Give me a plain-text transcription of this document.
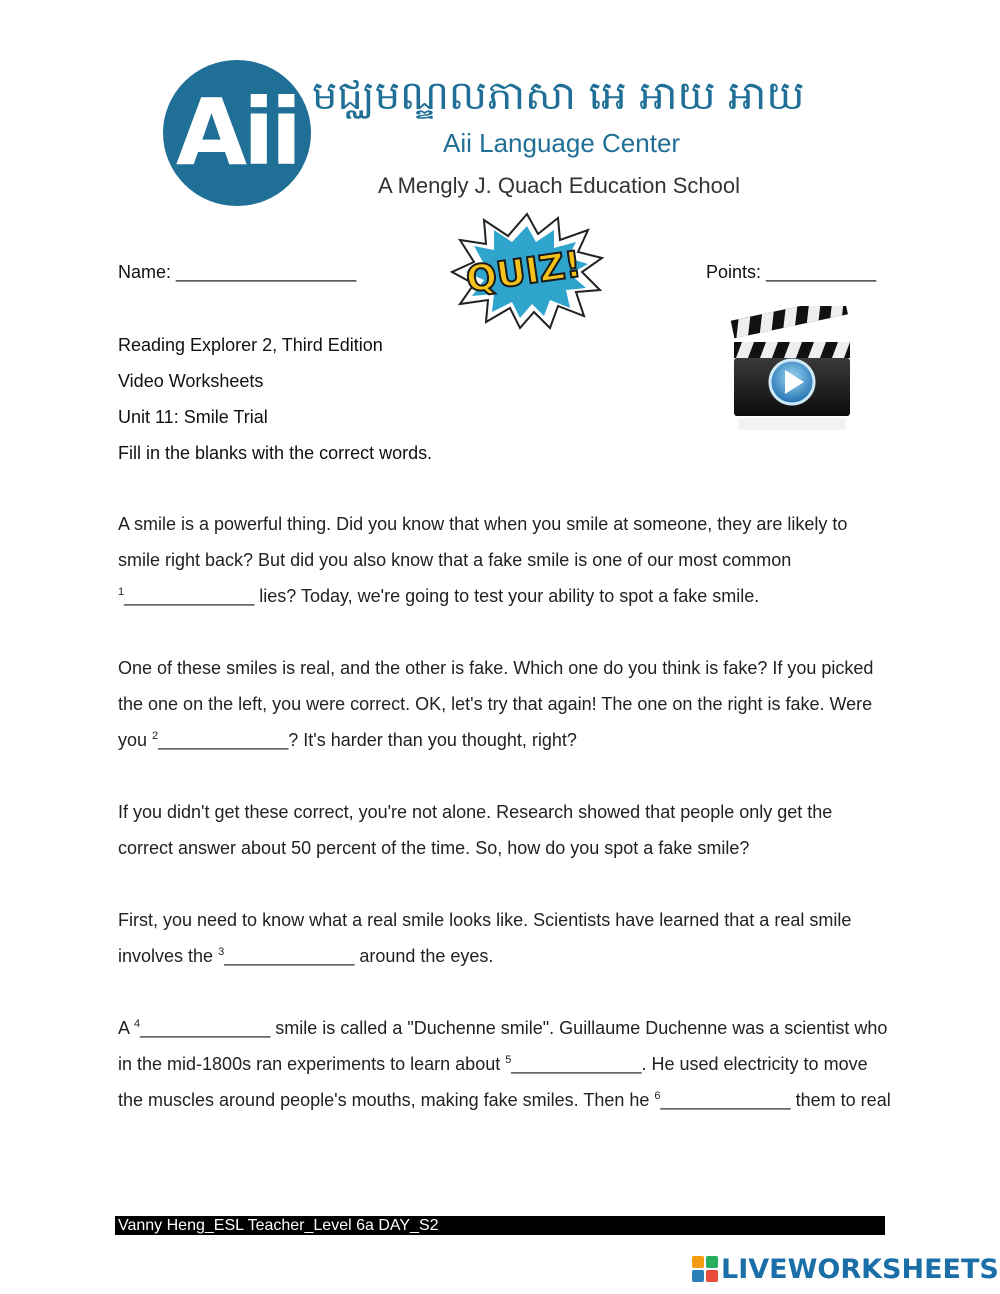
Aii មជ្ឈមណ្ឌលភាសា អេ អាយ អាយ
Aii Language Center
A Mengly J. Quach Education School
Name: __________________	Points: ___________
QUIZ!
Reading Explorer 2, Third Edition
Video Worksheets
Unit 11: Smile Trial
Fill in the blanks with the correct words.

A smile is a powerful thing. Did you know that when you smile at someone, they are likely to

smile right back? But did you also know that a fake smile is one of our most common

$^1$_____________ lies? Today, we're going to test your ability to spot a fake smile.

One of these smiles is real, and the other is fake. Which one do you think is fake? If you picked

the one on the left, you were correct. OK, let's try that again! The one on the right is fake. Were

you $^2$_____________? It's harder than you thought, right?

If you didn't get these correct, you're not alone. Research showed that people only get the

correct answer about 50 percent of the time. So, how do you spot a fake smile?

First, you need to know what a real smile looks like. Scientists have learned that a real smile

involves the $^3$_____________ around the eyes.

A $^4$_____________ smile is called a "Duchenne smile". Guillaume Duchenne was a scientist who

in the mid-1800s ran experiments to learn about $^5$_____________. He used electricity to move

the muscles around people's mouths, making fake smiles. Then he $^6$_____________ them to real

Vanny Heng_ESL Teacher_Level 6a DAY_S2
LIVEWORKSHEETS
